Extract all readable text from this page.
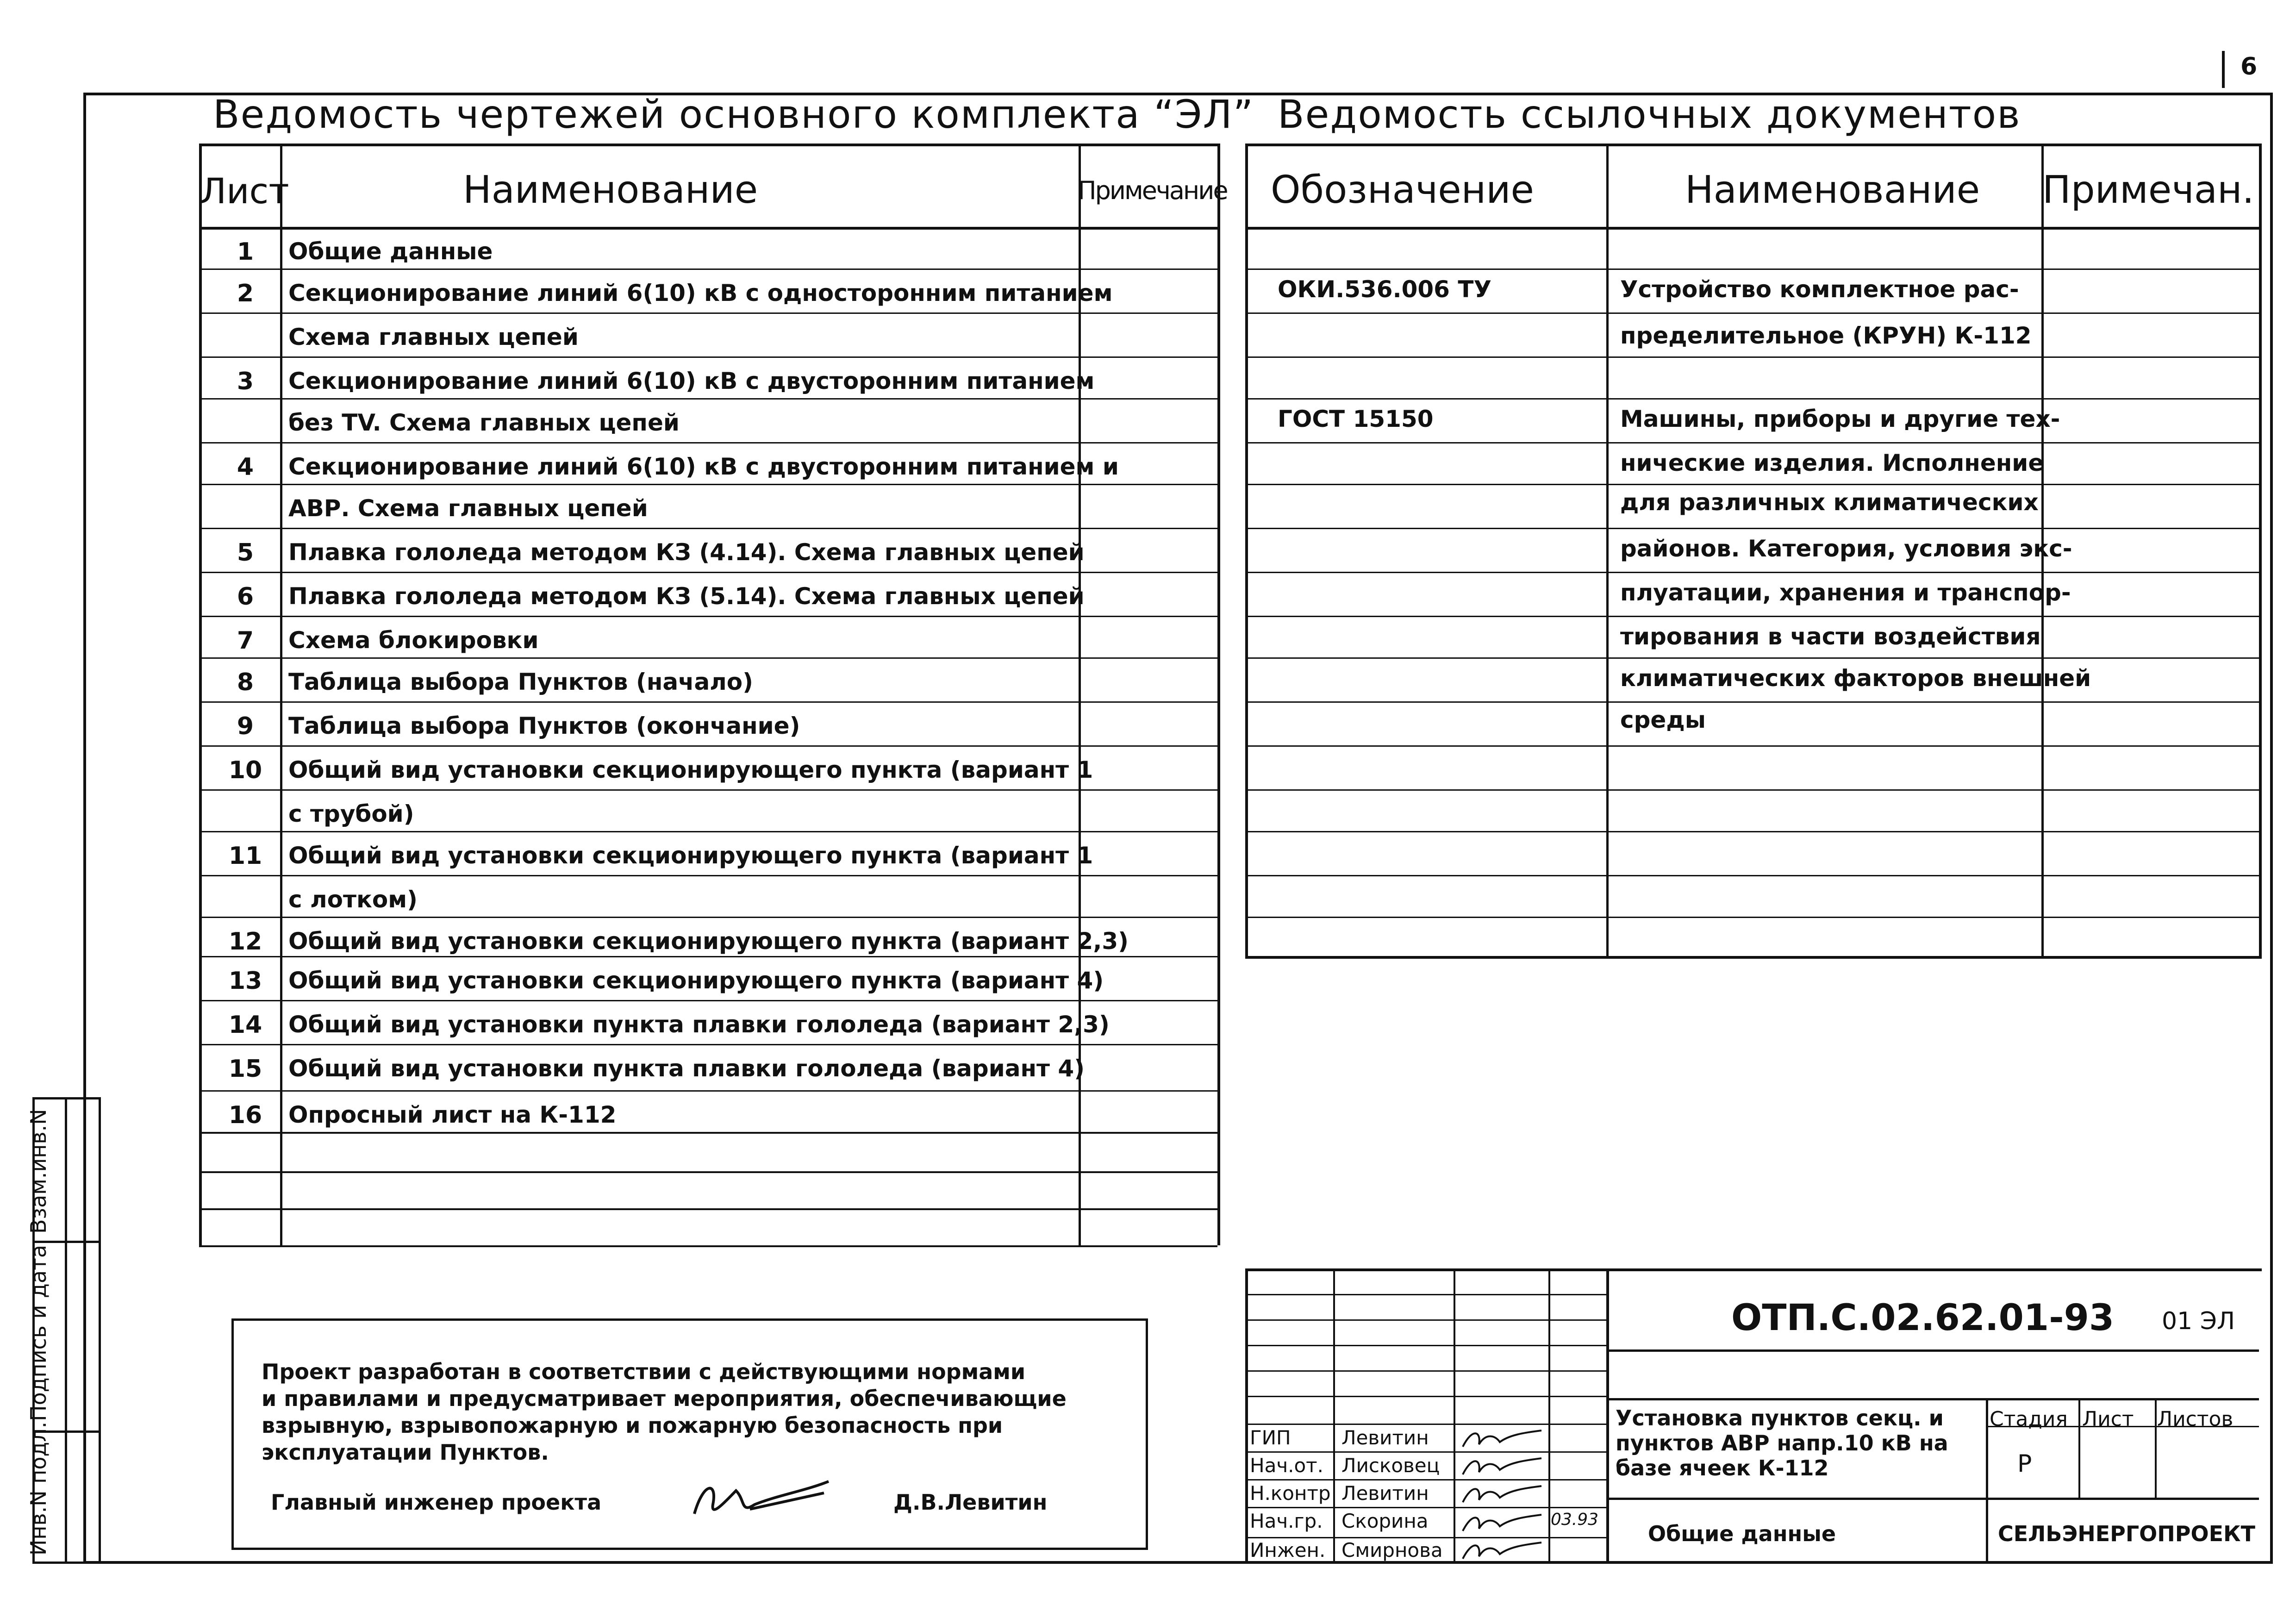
6
Ведомость чертежей основного комплекта “ЭЛ” Ведомость ссылочных документов
1	Общие данные
2	Секционирование линий 6(10) кВ с односторонним питанием
Схема главных цепей
3	Секционирование линий 6(10) кВ с двусторонним питанием
без TV. Схема главных цепей
4	Секционирование линий 6(10) кВ с двусторонним питанием и
АВР. Схема главных цепей
5	Плавка гололеда методом КЗ (4.14). Схема главных цепей
6	Плавка гололеда методом КЗ (5.14). Схема главных цепей
7	Схема блокировки
8	Таблица выбора Пунктов (начало)
9	Таблица выбора Пунктов (окончание)
10	Общий вид установки секционирующего пункта (вариант 1
с трубой)
11	Общий вид установки секционирующего пункта (вариант 1
с лотком)
12	Общий вид установки секционирующего пункта (вариант 2,3)
13	Общий вид установки секционирующего пункта (вариант 4)
14	Общий вид установки пункта плавки гололеда (вариант 2,3)
15	Общий вид установки пункта плавки гололеда (вариант 4)
16	Опросный лист на К-112
Лист	Наименование	Примечание
ОКИ.536.006 ТУ	Устройство комплектное рас-
пределительное (КРУН) К-112
ГОСТ 15150	Машины, приборы и другие тех-
нические изделия. Исполнение
для различных климатических
районов. Категория, условия экс-
плуатации, хранения и транспор-
тирования в части воздействия
климатических факторов внешней
среды
Обозначение	Наименование Примечан.
Проект разработан в соответствии с действующими нормами
и правилами и предусматривает мероприятия, обеспечивающие
взрывную, взрывопожарную и пожарную безопасность при
эксплуатации Пунктов.
Главный инженер проекта	Д.В.Левитин
Инв.N подл.
Подпись и дата
Взам.инв.N
ОТП.С.02.62.01-93 01 ЭЛ
Установка пунктов секц. и
пунктов АВР напр.10 кВ на
базе ячеек К-112
Стадия Лист Листов
Р
Общие данные	СЕЛЬЭНЕРГОПРОЕКТ
ГИП	Левитин
Нач.от. Лисковец
Н.контр Левитин
Нач.гр. Скорина	03.93
Инжен. Смирнова
